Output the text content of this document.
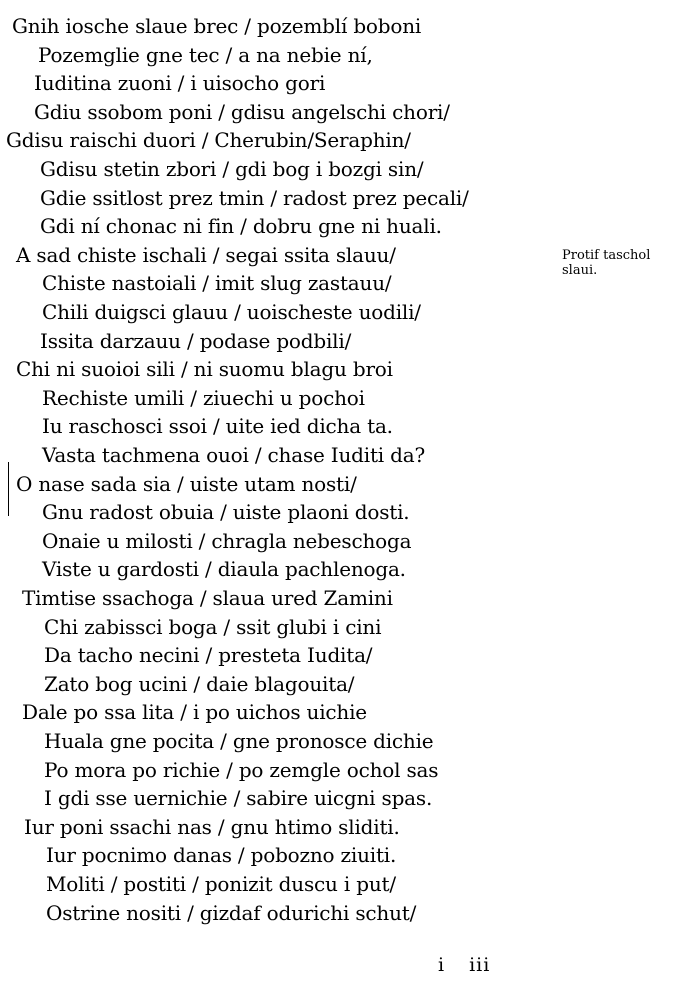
Gnih iosche slaue brec / pozemblí boboni
Pozemglie gne tec / a na nebie ní,
Iuditina zuoni / i uisocho gori
Gdiu ssobom poni / gdisu angelschi chori/
Gdisu raischi duori / Cherubin/Seraphin/
Gdisu stetin zbori / gdi bog i bozgi sin/
Gdie ssitlost prez tmin / radost prez pecali/
Gdi ní chonac ni fin / dobru gne ni huali.
A sad chiste ischali / segai ssita slauu/
Chiste nastoiali / imit slug zastauu/
Chili duigsci glauu / uoischeste uodili/
Issita darzauu / podase podbili/
Chi ni suoioi sili / ni suomu blagu broi
Rechiste umili / ziuechi u pochoi
Iu raschosci ssoi / uite ied dicha ta.
Vasta tachmena ouoi / chase Iuditi da?
O nase sada sia / uiste utam nosti/
Gnu radost obuia / uiste plaoni dosti.
Onaie u milosti / chragla nebeschoga
Viste u gardosti / diaula pachlenoga.
Timtise ssachoga / slaua ured Zamini
Chi zabissci boga / ssit glubi i cini
Da tacho necini / presteta Iudita/
Zato bog ucini / daie blagouita/
Dale po ssa lita / i po uichos uichie
Huala gne pocita / gne pronosce dichie
Po mora po richie / po zemgle ochol sas
I gdi sse uernichie / sabire uicgni spas.
Iur poni ssachi nas / gnu htimo sliditi.
Iur pocnimo danas / pobozno ziuiti.
Moliti / postiti / ponizit duscu i put/
Ostrine nositi / gizdaf odurichi schut/
Protif taschol
slaui.
i iii
